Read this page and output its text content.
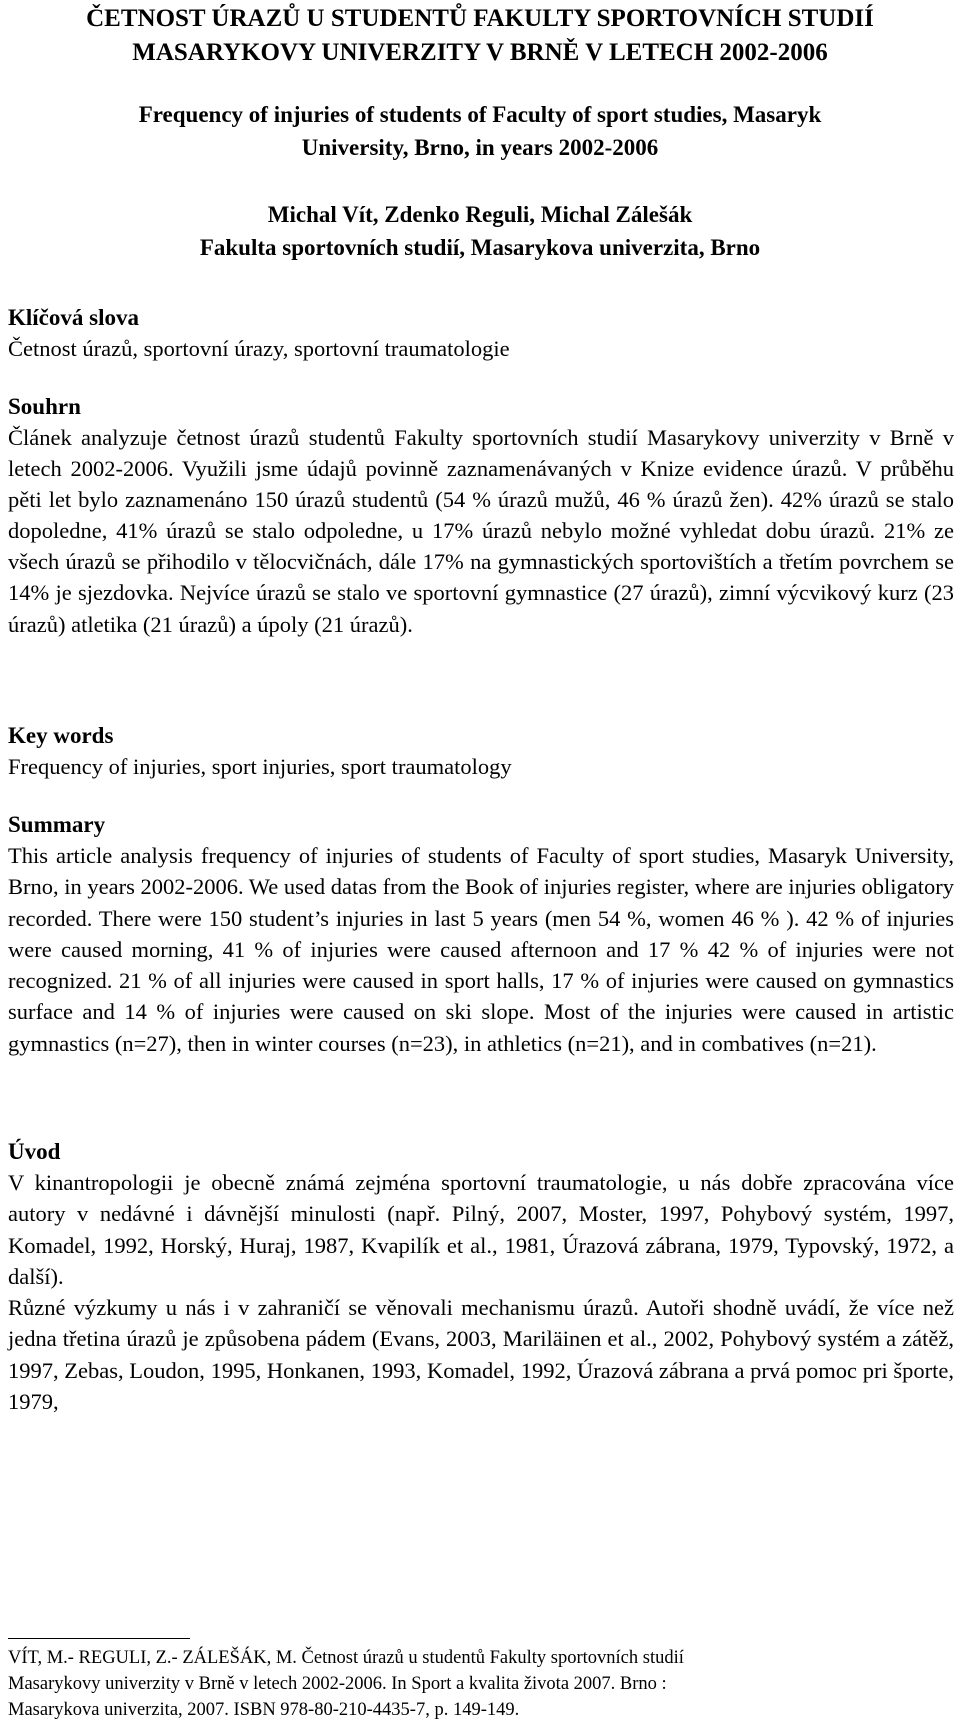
ČETNOST ÚRAZŮ U STUDENTŮ FAKULTY SPORTOVNÍCH STUDIÍ
MASARYKOVY UNIVERZITY V BRNĚ V LETECH 2002-2006
Frequency of injuries of students of Faculty of sport studies, Masaryk
University, Brno, in years 2002-2006
Michal Vít, Zdenko Reguli, Michal Zálešák
Fakulta sportovních studií, Masarykova univerzita, Brno

Klíčová slova

Četnost úrazů, sportovní úrazy, sportovní traumatologie

Souhrn

Článek analyzuje četnost úrazů studentů Fakulty sportovních studií Masarykovy univerzity v Brně v letech 2002-2006. Využili jsme údajů povinně zaznamenávaných v Knize evidence úrazů. V průběhu pěti let bylo zaznamenáno 150 úrazů studentů (54 % úrazů mužů, 46 % úrazů žen). 42% úrazů se stalo dopoledne, 41% úrazů se stalo odpoledne, u 17% úrazů nebylo možné vyhledat dobu úrazů. 21% ze všech úrazů se přihodilo v tělocvičnách, dále 17% na gymnastických sportovištích a třetím povrchem se 14% je sjezdovka. Nejvíce úrazů se stalo ve sportovní gymnastice (27 úrazů), zimní výcvikový kurz (23 úrazů) atletika (21 úrazů) a úpoly (21 úrazů).

Key words

Frequency of injuries, sport injuries, sport traumatology

Summary

This article analysis frequency of injuries of students of Faculty of sport studies, Masaryk University, Brno, in years 2002-2006. We used datas from the Book of injuries register, where are injuries obligatory recorded. There were 150 student’s injuries in last 5 years (men 54 %, women 46 % ). 42 % of injuries were caused morning, 41 % of injuries were caused afternoon and 17 % 42 % of injuries were not recognized. 21 % of all injuries were caused in sport halls, 17 % of injuries were caused on gymnastics surface and 14 % of injuries were caused on ski slope. Most of the injuries were caused in artistic gymnastics (n=27), then in winter courses (n=23), in athletics (n=21), and in combatives (n=21).

Úvod

V kinantropologii je obecně známá zejména sportovní traumatologie, u nás dobře zpracována více autory v nedávné i dávnější minulosti (např. Pilný, 2007, Moster, 1997, Pohybový systém, 1997, Komadel, 1992, Horský, Huraj, 1987, Kvapilík et al., 1981, Úrazová zábrana, 1979, Typovský, 1972, a další).

Různé výzkumy u nás i v zahraničí se věnovali mechanismu úrazů. Autoři shodně uvádí, že více než jedna třetina úrazů je způsobena pádem (Evans, 2003, Mariläinen et al., 2002, Pohybový systém a zátěž, 1997, Zebas, Loudon, 1995, Honkanen, 1993, Komadel, 1992, Úrazová zábrana a prvá pomoc pri športe, 1979,

VÍT, M.- REGULI, Z.- ZÁLEŠÁK, M. Četnost úrazů u studentů Fakulty sportovních studií

Masarykovy univerzity v Brně v letech 2002-2006. In Sport a kvalita života 2007. Brno :

Masarykova univerzita, 2007. ISBN 978-80-210-4435-7, p. 149-149.
